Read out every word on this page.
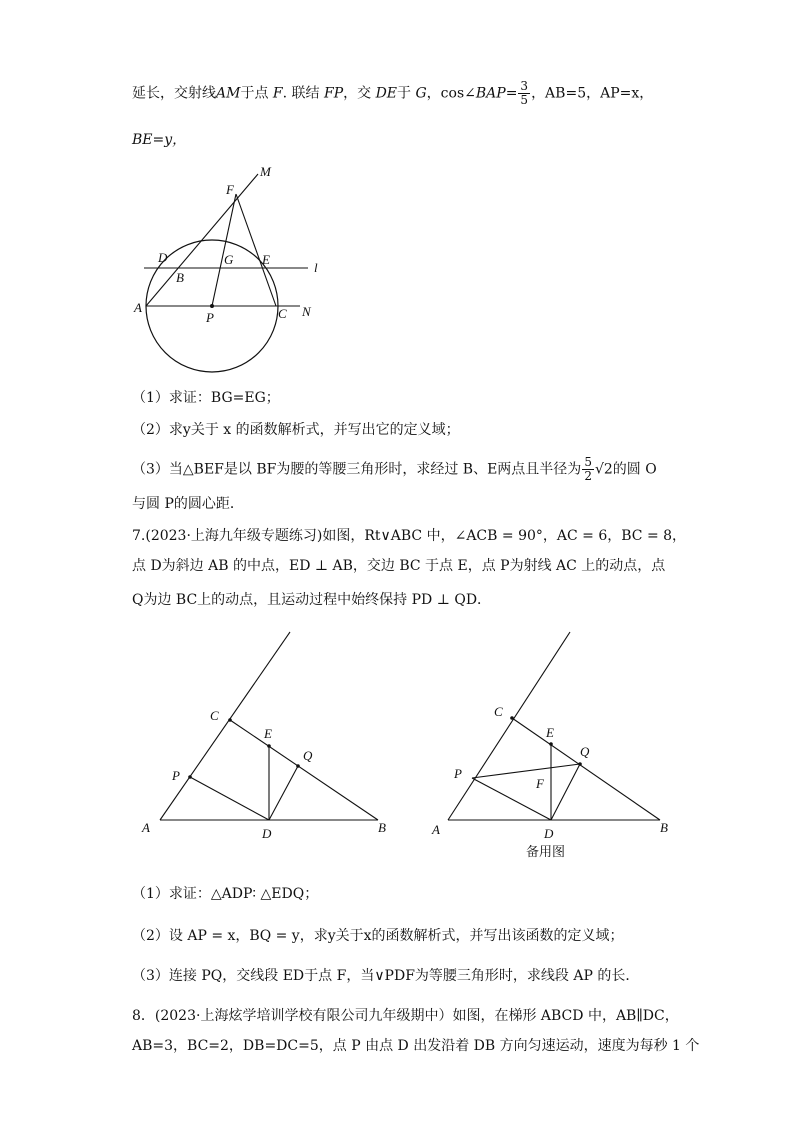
延长，交射线AM于点 F. 联结 FP，交 DE于 G，cos∠BAP= $\frac{3}{5}$ ，AB=5，AP=x，
BE=y，
M
F
D	G E
l
B
A
P	C N
（1）求证：BG=EG；
（2）求y关于 x 的函数解析式，并写出它的定义域；
（3）当△BEF是以 BF为腰的等腰三角形时，求经过 B、E两点且半径为 $\frac{5}{2} √2$的圆 O
与圆 P的圆心距．
7.(2023·上海九年级专题练习)如图，Rt∨ABC 中，∠ACB = 90°，AC = 6，BC = 8，
点 D为斜边 AB 的中点，ED ⊥ AB，交边 BC 于点 E，点 P为射线 AC 上的动点，点
Q为边 BC上的动点，且运动过程中始终保持 PD ⊥ QD．
C
E
Q
P
A	D	B
C
E
Q
P
F
A	D	B
备用图
（1）求证：△ADP∶ △EDQ；
（2）设 AP = x，BQ = y，求y关于x的函数解析式，并写出该函数的定义域；
（3）连接 PQ，交线段 ED于点 F，当∨PDF为等腰三角形时，求线段 AP 的长．
8．(2023·上海炫学培训学校有限公司九年级期中）如图，在梯形 ABCD 中，AB∥DC，
AB=3，BC=2，DB=DC=5，点 P 由点 D 出发沿着 DB 方向匀速运动，速度为每秒 1 个
